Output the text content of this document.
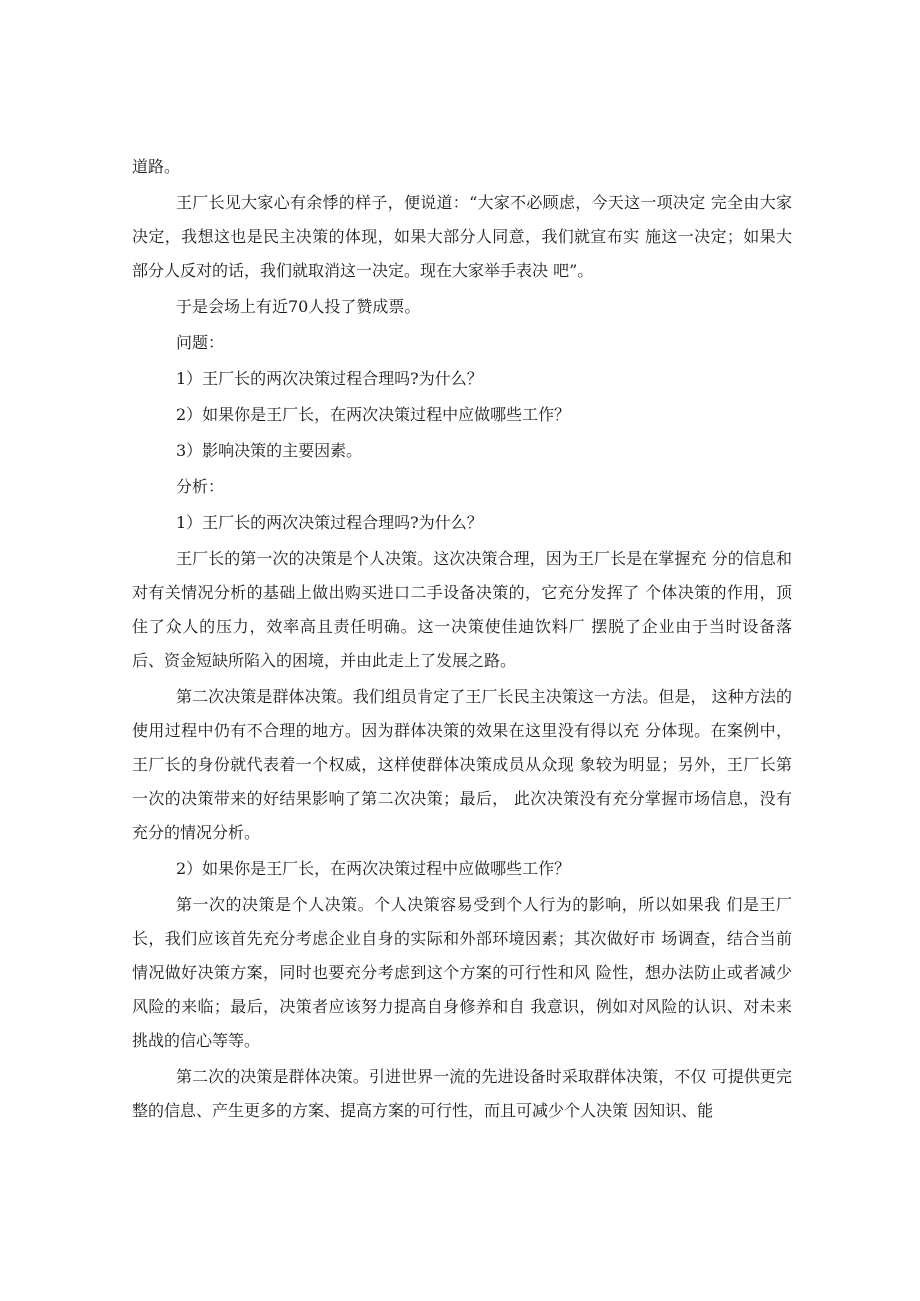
道路。

王厂长见大家心有余悸的样子，便说道：“大家不必顾虑，今天这一项决定 完全由大家决定，我想这也是民主决策的体现，如果大部分人同意，我们就宣布实 施这一决定；如果大部分人反对的话，我们就取消这一决定。现在大家举手表决 吧”。

于是会场上有近70人投了赞成票。

问题：

1）王厂长的两次决策过程合理吗?为什么？

2）如果你是王厂长，在两次决策过程中应做哪些工作？

3）影响决策的主要因素。

分析：

1）王厂长的两次决策过程合理吗?为什么？

王厂长的第一次的决策是个人决策。这次决策合理，因为王厂长是在掌握充 分的信息和对有关情况分析的基础上做出购买进口二手设备决策的，它充分发挥了 个体决策的作用，顶住了众人的压力，效率高且责任明确。这一决策使佳迪饮料厂 摆脱了企业由于当时设备落后、资金短缺所陷入的困境，并由此走上了发展之路。

第二次决策是群体决策。我们组员肯定了王厂长民主决策这一方法。但是， 这种方法的使用过程中仍有不合理的地方。因为群体决策的效果在这里没有得以充 分体现。在案例中，王厂长的身份就代表着一个权威，这样使群体决策成员从众现 象较为明显；另外，王厂长第一次的决策带来的好结果影响了第二次决策；最后， 此次决策没有充分掌握市场信息，没有充分的情况分析。

2）如果你是王厂长，在两次决策过程中应做哪些工作？

第一次的决策是个人决策。个人决策容易受到个人行为的影响，所以如果我 们是王厂长，我们应该首先充分考虑企业自身的实际和外部环境因素；其次做好市 场调查，结合当前情况做好决策方案，同时也要充分考虑到这个方案的可行性和风 险性，想办法防止或者减少风险的来临；最后，决策者应该努力提高自身修养和自 我意识，例如对风险的认识、对未来挑战的信心等等。

第二次的决策是群体决策。引进世界一流的先进设备时采取群体决策，不仅 可提供更完整的信息、产生更多的方案、提高方案的可行性，而且可减少个人决策 因知识、能
